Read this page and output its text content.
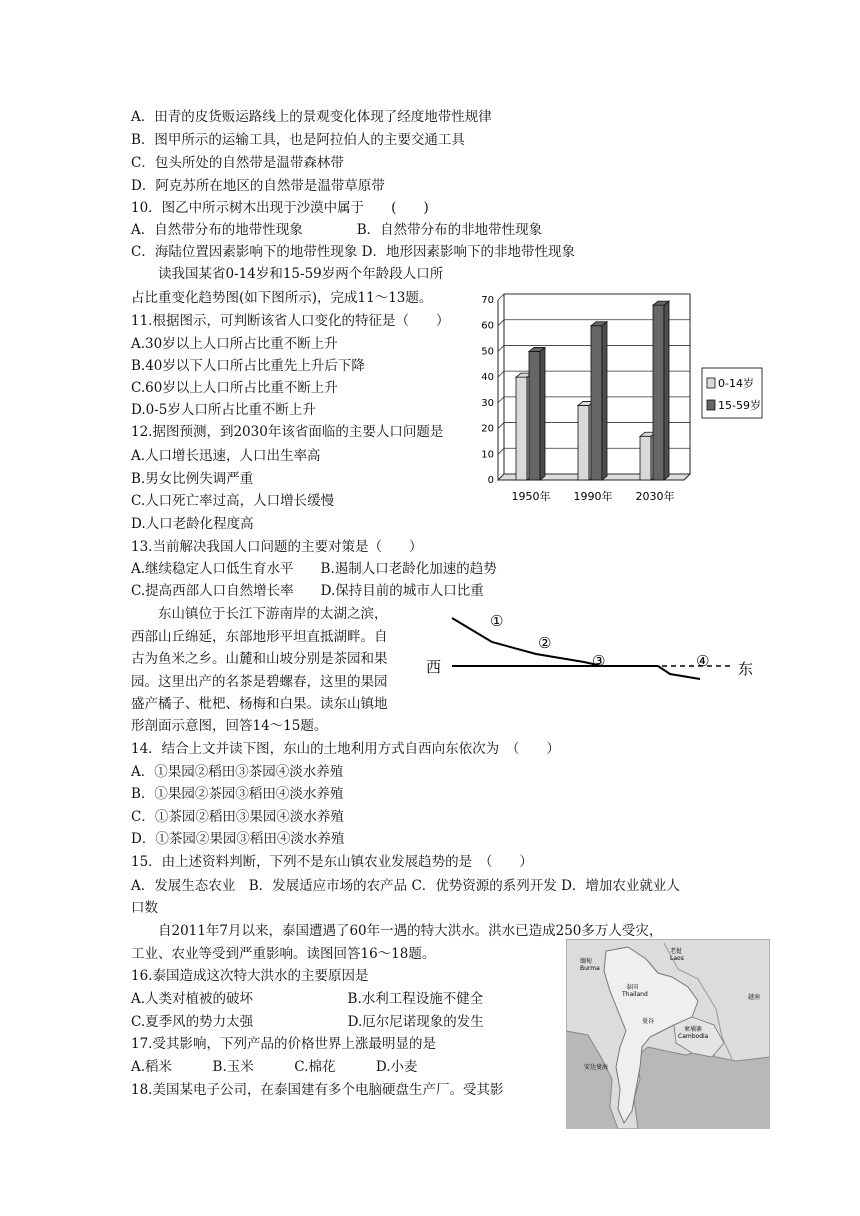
A．田青的皮货贩运路线上的景观变化体现了经度地带性规律
B．图甲所示的运输工具，也是阿拉伯人的主要交通工具
C．包头所处的自然带是温带森林带
D．阿克苏所在地区的自然带是温带草原带
10．图乙中所示树木出现于沙漠中属于　　(　　)
A．自然带分布的地带性现象　　　　B．自然带分布的非地带性现象
C．海陆位置因素影响下的地带性现象 D．地形因素影响下的非地带性现象
　　读我国某省0-14岁和15-59岁两个年龄段人口所
占比重变化趋势图(如下图所示)，完成11～13题。
11.根据图示，可判断该省人口变化的特征是（　　）
A.30岁以上人口所占比重不断上升
B.40岁以下人口所占比重先上升后下降
C.60岁以上人口所占比重不断上升
D.0-5岁人口所占比重不断上升
12.据图预测，到2030年该省面临的主要人口问题是
A.人口增长迅速，人口出生率高
B.男女比例失调严重
C.人口死亡率过高，人口增长缓慢
D.人口老龄化程度高
13.当前解决我国人口问题的主要对策是（　　）
A.继续稳定人口低生育水平　　B.遏制人口老龄化加速的趋势
C.提高西部人口自然增长率　　D.保持目前的城市人口比重
　　东山镇位于长江下游南岸的太湖之滨，
西部山丘绵延，东部地形平坦直抵湖畔。自
古为鱼米之乡。山麓和山坡分别是茶园和果
园。这里出产的名茶是碧螺春，这里的果园
盛产橘子、枇杷、杨梅和白果。读东山镇地
形剖面示意图，回答14～15题。
14．结合上文并读下图，东山的土地利用方式自西向东依次为　（　　）
A．①果园②稻田③茶园④淡水养殖
B．①果园②茶园③稻田④淡水养殖
C．①茶园②稻田③果园④淡水养殖
D．①茶园②果园③稻田④淡水养殖
15．由上述资料判断，下列不是东山镇农业发展趋势的是　（　　）
A．发展生态农业　B．发展适应市场的农产品 C．优势资源的系列开发 D．增加农业就业人
口数
　　自2011年7月以来，泰国遭遇了60年一遇的特大洪水。洪水已造成250多万人受灾，
工业、农业等受到严重影响。读图回答16～18题。
16.泰国造成这次特大洪水的主要原因是
A.人类对植被的破坏　　　　　　　B.水利工程设施不健全
C.夏季风的势力太强　　　　　　　D.厄尔尼诺现象的发生
17.受其影响，下列产品的价格世界上涨最明显的是
A.稻米　　　B.玉米　　　C.棉花　　　D.小麦
18.美国某电子公司，在泰国建有多个电脑硬盘生产厂。受其影
0
10
20
30
40
50
60
70
1950年 1990年 2030年
0-14岁
15-59岁
西	东
①
②
③	④
缅甸
Burma
老挝
Laos
泰国
Thailand
柬埔寨
Cambodia
越南
安达曼海
曼谷
